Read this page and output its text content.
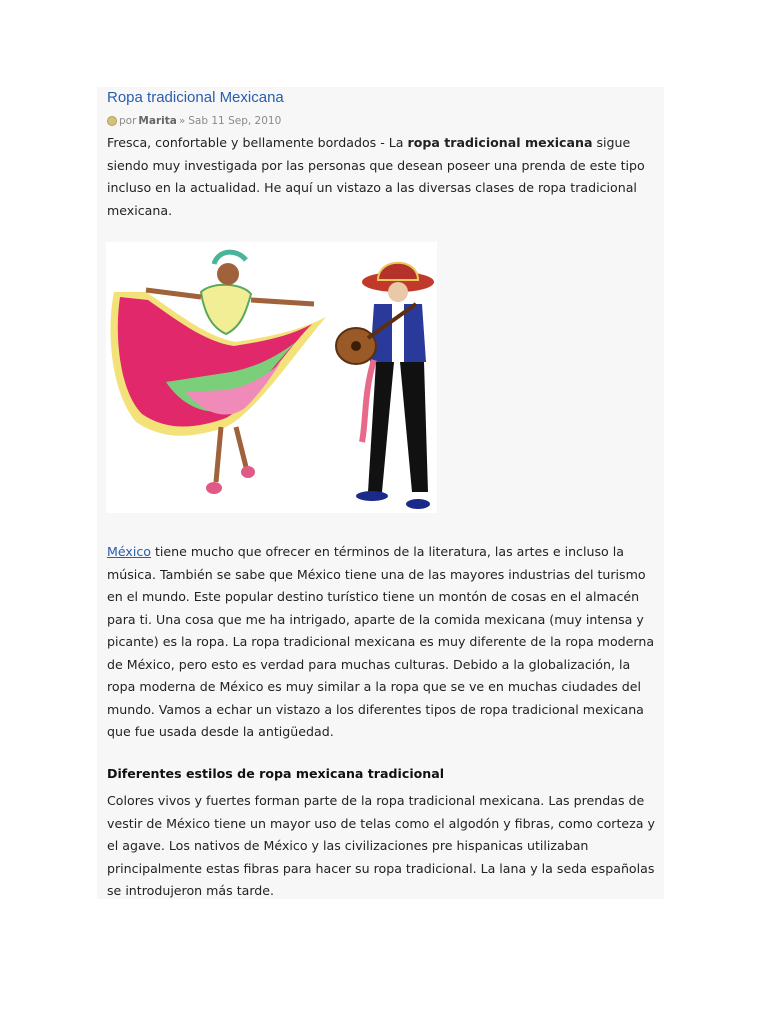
Ropa tradicional Mexicana
por Marita » Sab 11 Sep, 2010

Fresca, confortable y bellamente bordados - La ropa tradicional mexicana sigue siendo muy investigada por las personas que desean poseer una prenda de este tipo incluso en la actualidad. He aquí un vistazo a las diversas clases de ropa tradicional mexicana.

México tiene mucho que ofrecer en términos de la literatura, las artes e incluso la música. También se sabe que México tiene una de las mayores industrias del turismo en el mundo. Este popular destino turístico tiene un montón de cosas en el almacén para ti. Una cosa que me ha intrigado, aparte de la comida mexicana (muy intensa y picante) es la ropa. La ropa tradicional mexicana es muy diferente de la ropa moderna de México, pero esto es verdad para muchas culturas. Debido a la globalización, la ropa moderna de México es muy similar a la ropa que se ve en muchas ciudades del mundo. Vamos a echar un vistazo a los diferentes tipos de ropa tradicional mexicana que fue usada desde la antigüedad.

Diferentes estilos de ropa mexicana tradicional

Colores vivos y fuertes forman parte de la ropa tradicional mexicana. Las prendas de vestir de México tiene un mayor uso de telas como el algodón y fibras, como corteza y el agave. Los nativos de México y las civilizaciones pre hispanicas utilizaban principalmente estas fibras para hacer su ropa tradicional. La lana y la seda españolas se introdujeron más tarde.
